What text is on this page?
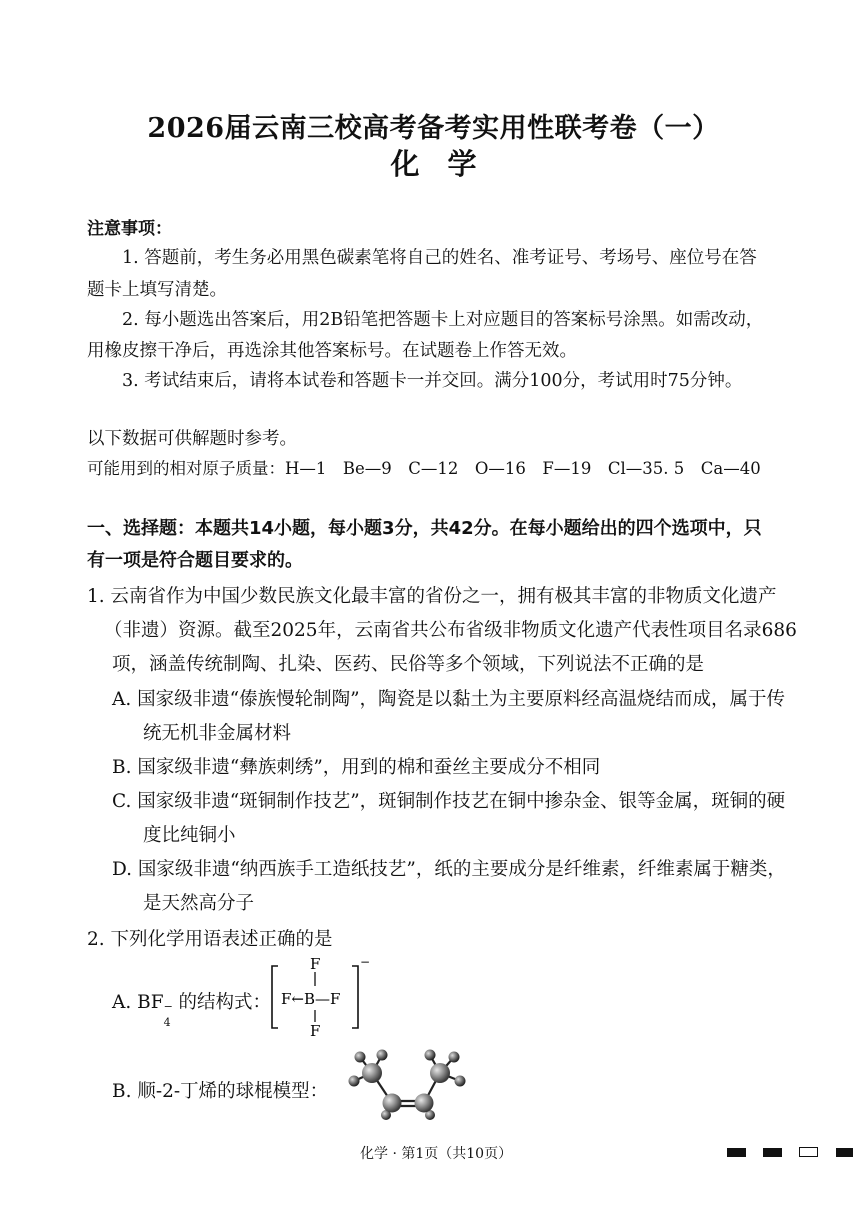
2026届云南三校高考备考实用性联考卷（一）
化学
注意事项：
1. 答题前，考生务必用黑色碳素笔将自己的姓名、准考证号、考场号、座位号在答
题卡上填写清楚。
2. 每小题选出答案后，用2B铅笔把答题卡上对应题目的答案标号涂黑。如需改动，
用橡皮擦干净后，再选涂其他答案标号。在试题卷上作答无效。
3. 考试结束后，请将本试卷和答题卡一并交回。满分100分，考试用时75分钟。
以下数据可供解题时参考。
可能用到的相对原子质量：H—1　Be—9　C—12　O—16　F—19　Cl—35. 5　Ca—40
一、选择题：本题共14小题，每小题3分，共42分。在每小题给出的四个选项中，只
有一项是符合题目要求的。
1. 云南省作为中国少数民族文化最丰富的省份之一，拥有极其丰富的非物质文化遗产
（非遗）资源。截至2025年，云南省共公布省级非物质文化遗产代表性项目名录686
项，涵盖传统制陶、扎染、医药、民俗等多个领域，下列说法不正确的是
A. 国家级非遗“傣族慢轮制陶”，陶瓷是以黏土为主要原料经高温烧结而成，属于传
统无机非金属材料
B. 国家级非遗“彝族刺绣”，用到的棉和蚕丝主要成分不相同
C. 国家级非遗“斑铜制作技艺”，斑铜制作技艺在铜中掺杂金、银等金属，斑铜的硬
度比纯铜小
D. 国家级非遗“纳西族手工造纸技艺”，纸的主要成分是纤维素，纤维素属于糖类，
是天然高分子
2. 下列化学用语表述正确的是
A. BF −
4
的结构式：
F
F←B—F
F
−
B. 顺-2-丁烯的球棍模型：
化学 · 第1页（共10页）
